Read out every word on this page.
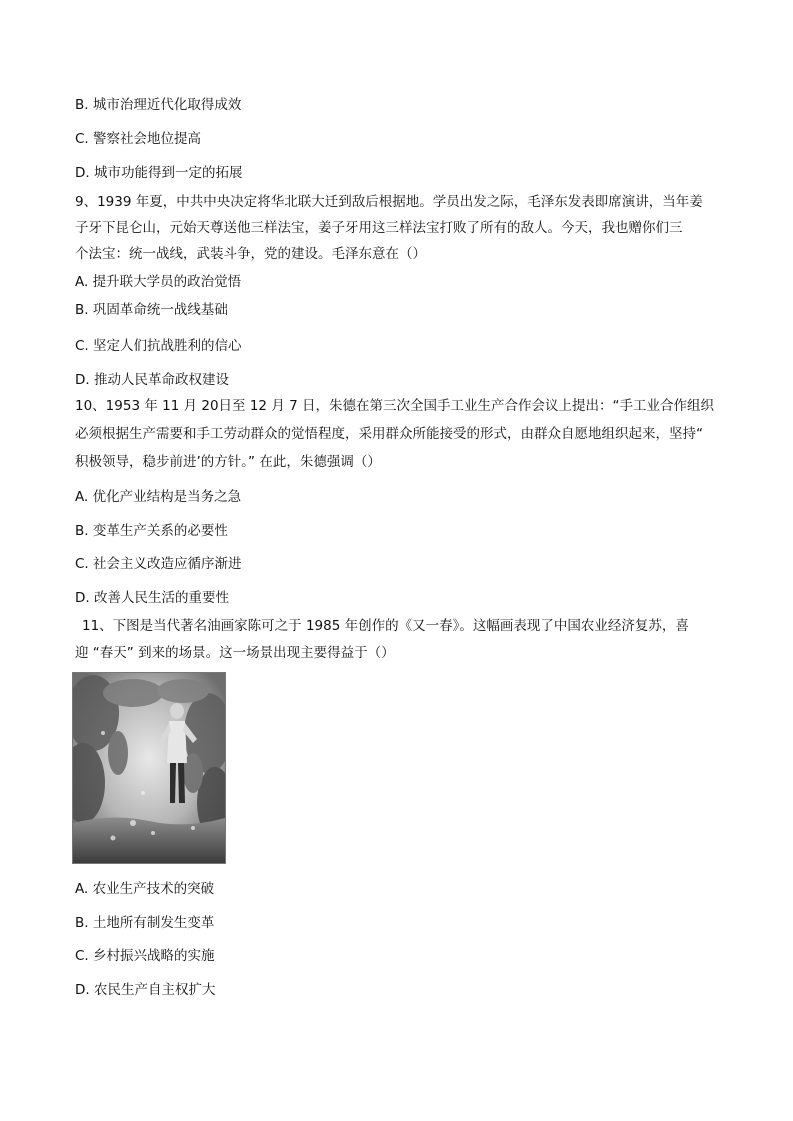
B. 城市治理近代化取得成效
C. 警察社会地位提高
D. 城市功能得到一定的拓展
9、1939 年夏，中共中央决定将华北联大迁到敌后根据地。学员出发之际，毛泽东发表即席演讲，当年姜
子牙下昆仑山，元始天尊送他三样法宝，姜子牙用这三样法宝打败了所有的敌人。今天，我也赠你们三
个法宝：统一战线，武装斗争，党的建设。毛泽东意在（）
A. 提升联大学员的政治觉悟
B. 巩固革命统一战线基础
C. 坚定人们抗战胜利的信心
D. 推动人民革命政权建设
10、1953 年 11 月 20日至 12 月 7 日，朱德在第三次全国手工业生产合作会议上提出：“手工业合作组织
必须根据生产需要和手工劳动群众的觉悟程度，采用群众所能接受的形式，由群众自愿地组织起来，坚持“
积极领导，稳步前进’的方针。” 在此，朱德强调（）
A. 优化产业结构是当务之急
B. 变革生产关系的必要性
C. 社会主义改造应循序渐进
D. 改善人民生活的重要性
11、下图是当代著名油画家陈可之于 1985 年创作的《又一春》。这幅画表现了中国农业经济复苏，喜
迎 “春天” 到来的场景。这一场景出现主要得益于（）
A. 农业生产技术的突破
B. 土地所有制发生变革
C. 乡村振兴战略的实施
D. 农民生产自主权扩大
